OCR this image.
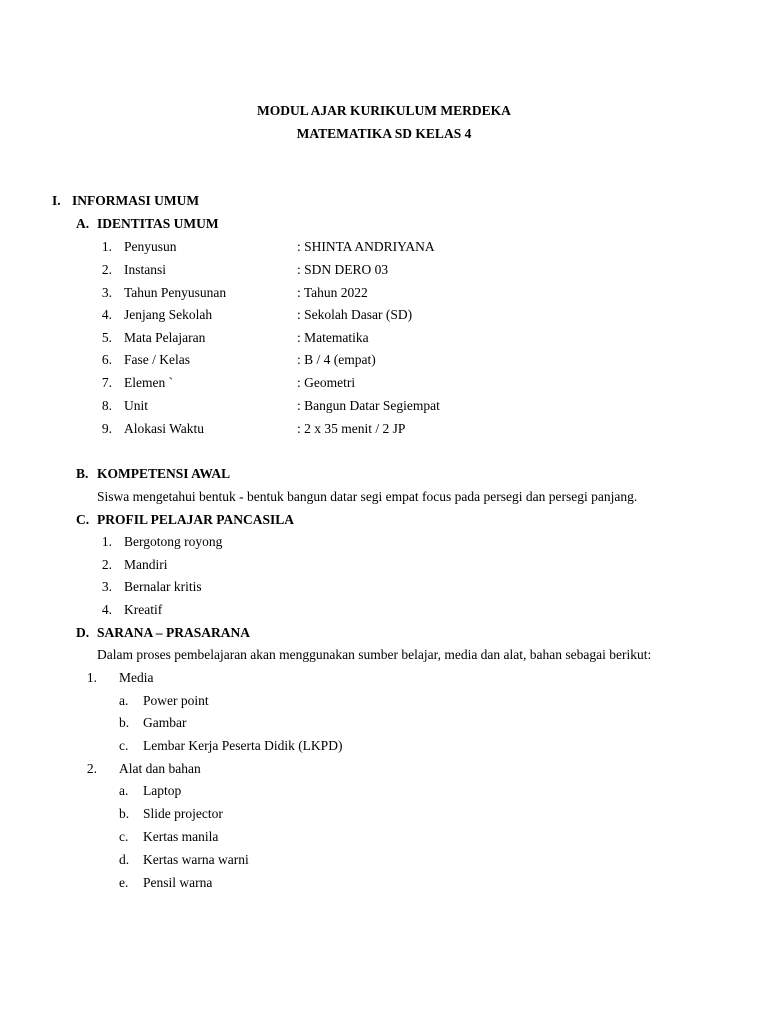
MODUL AJAR KURIKULUM MERDEKA
MATEMATIKA SD KELAS 4
I. INFORMASI UMUM
A. IDENTITAS UMUM
1. Penyusun	: SHINTA ANDRIYANA
2. Instansi	: SDN DERO 03
3. Tahun Penyusunan	: Tahun 2022
4. Jenjang Sekolah	: Sekolah Dasar (SD)
5. Mata Pelajaran	: Matematika
6. Fase / Kelas	: B / 4 (empat)
7. Elemen `	: Geometri
8. Unit	: Bangun Datar Segiempat
9. Alokasi Waktu	: 2 x 35 menit / 2 JP
B. KOMPETENSI AWAL
Siswa mengetahui bentuk - bentuk bangun datar segi empat focus pada persegi dan persegi panjang.
C. PROFIL PELAJAR PANCASILA
1. Bergotong royong
2. Mandiri
3. Bernalar kritis
4. Kreatif
D. SARANA – PRASARANA
Dalam proses pembelajaran akan menggunakan sumber belajar, media dan alat, bahan sebagai berikut:
1. Media
a. Power point
b. Gambar
c. Lembar Kerja Peserta Didik (LKPD)
2. Alat dan bahan
a. Laptop
b. Slide projector
c. Kertas manila
d. Kertas warna warni
e. Pensil warna
